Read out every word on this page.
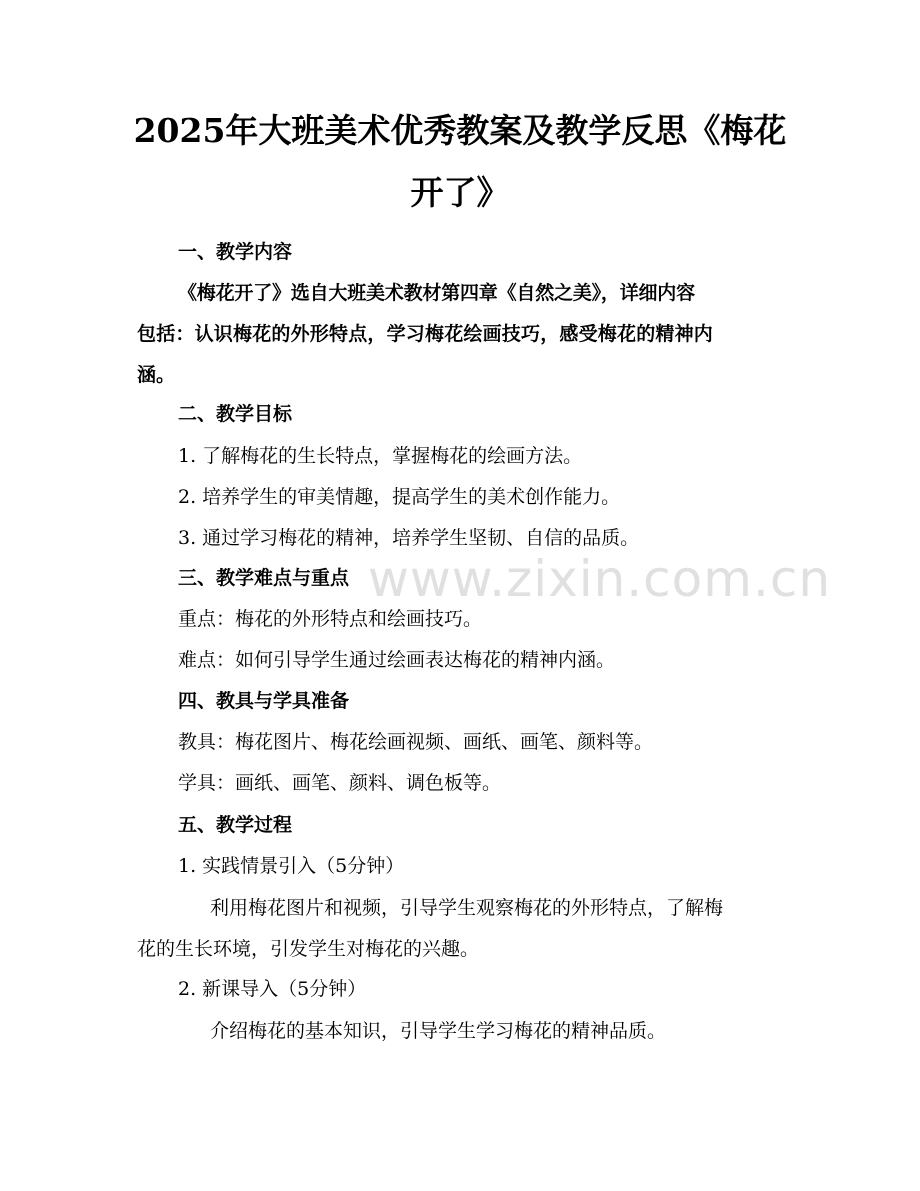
2025年大班美术优秀教案及教学反思《梅花
开了》
一、教学内容
《梅花开了》选自大班美术教材第四章《自然之美》，详细内容
包括：认识梅花的外形特点，学习梅花绘画技巧，感受梅花的精神内
涵。
二、教学目标
1. 了解梅花的生长特点，掌握梅花的绘画方法。
2. 培养学生的审美情趣，提高学生的美术创作能力。
3. 通过学习梅花的精神，培养学生坚韧、自信的品质。
三、教学难点与重点
重点：梅花的外形特点和绘画技巧。
难点：如何引导学生通过绘画表达梅花的精神内涵。
四、教具与学具准备
教具：梅花图片、梅花绘画视频、画纸、画笔、颜料等。
学具：画纸、画笔、颜料、调色板等。
五、教学过程
1. 实践情景引入（5分钟）
利用梅花图片和视频，引导学生观察梅花的外形特点，了解梅
花的生长环境，引发学生对梅花的兴趣。
2. 新课导入（5分钟）
介绍梅花的基本知识，引导学生学习梅花的精神品质。
www.zixin.com.cn
